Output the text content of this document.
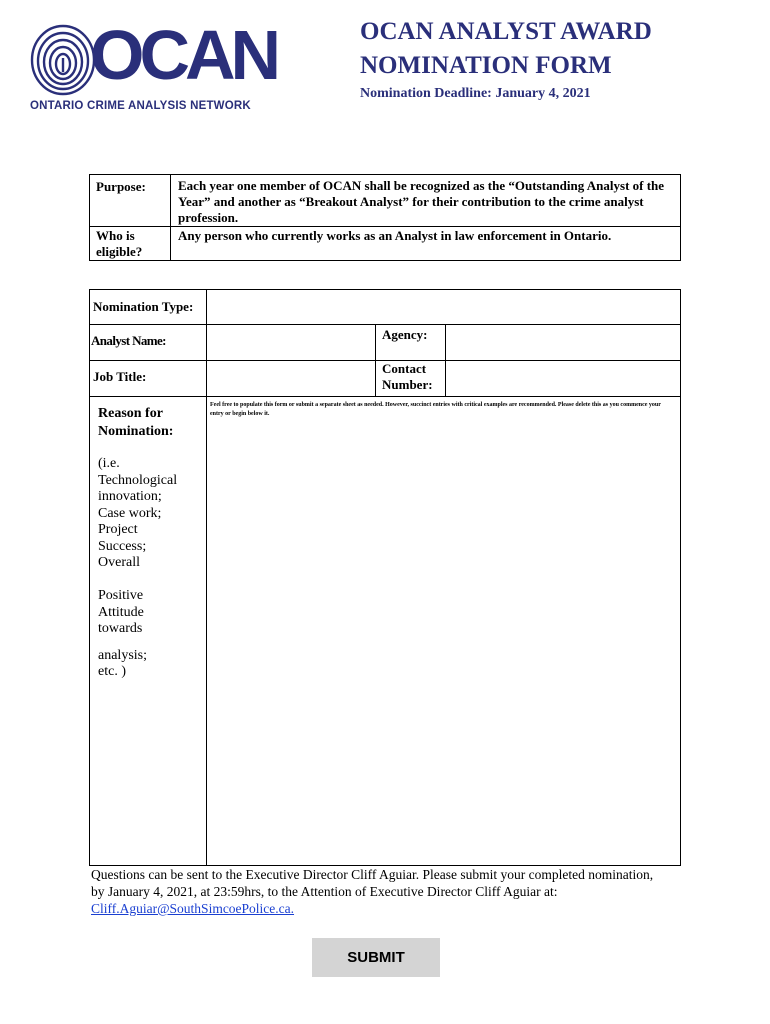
OCAN
ONTARIO CRIME ANALYSIS NETWORK
OCAN ANALYST AWARD
NOMINATION FORM
Nomination Deadline: January 4, 2021
Purpose: Each year one member of OCAN shall be recognized as the “Outstanding Analyst of the Year” and another as “Breakout Analyst” for their contribution to the crime analyst profession.
Who is
eligible?
Any person who currently works as an Analyst in law enforcement in Ontario.
Nomination Type:
Analyst Name:	Agency:
Job Title:
Contact
Number:
Reason for
Nomination:
(i.e.
Technological
innovation;
Case work;
Project
Success;
Overall
Positive
Attitude
towards
analysis;
etc. )
Feel free to populate this form or submit a separate sheet as needed. However, succinct entries with critical examples are recommended. Please delete this as you commence your entry or begin below it.
Questions can be sent to the Executive Director Cliff Aguiar. Please submit your completed nomination,
by January 4, 2021, at 23:59hrs, to the Attention of Executive Director Cliff Aguiar at:
Cliff.Aguiar@SouthSimcoePolice.ca.
SUBMIT
